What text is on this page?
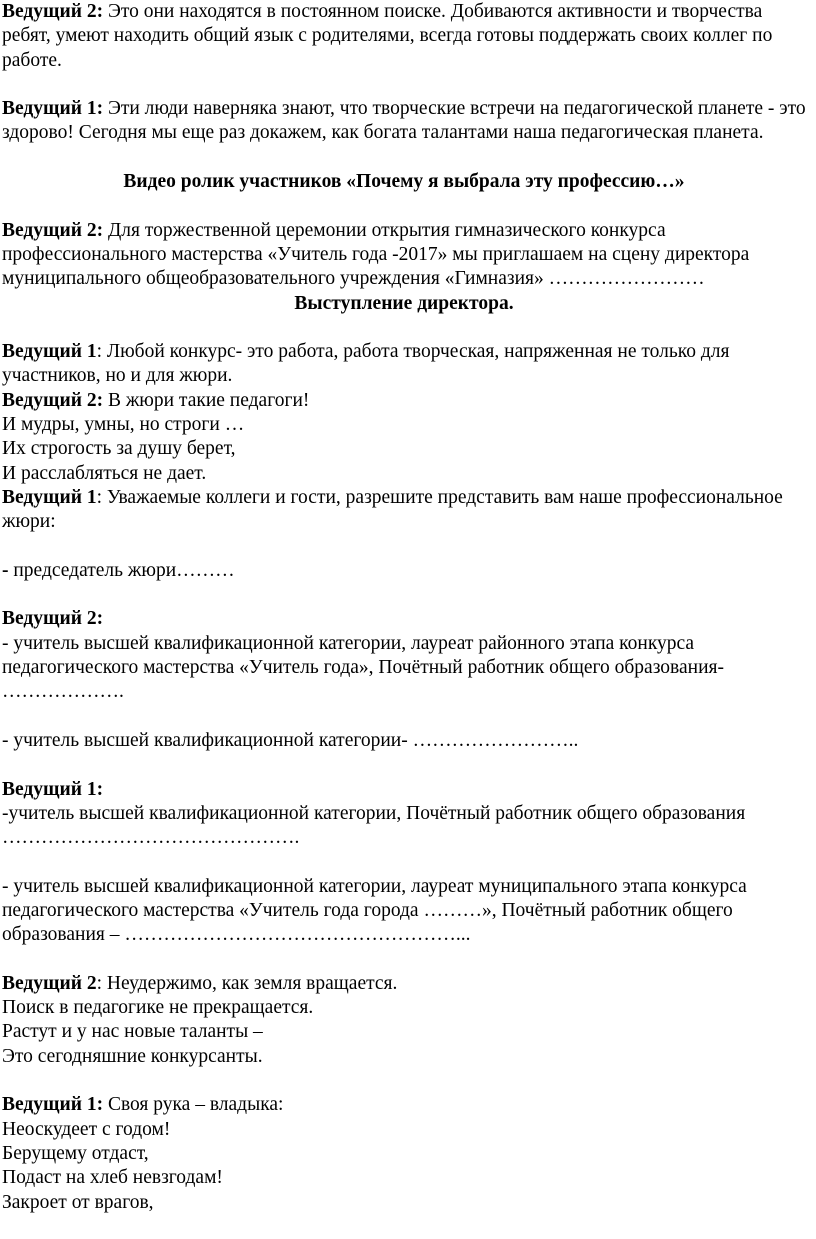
Ведущий 2: Это они находятся в постоянном поиске. Добиваются активности и творчества ребят, умеют находить общий язык с родителями, всегда готовы поддержать своих коллег по работе.

Ведущий 1: Эти люди наверняка знают, что творческие встречи на педагогической планете - это здорово! Сегодня мы еще раз докажем, как богата талантами наша педагогическая планета.

Видео ролик участников «Почему я выбрала эту профессию…»

Ведущий 2: Для торжественной церемонии открытия гимназического конкурса профессионального мастерства «Учитель года -2017» мы приглашаем на сцену директора муниципального общеобразовательного учреждения «Гимназия» ……………………

Выступление директора.

Ведущий 1: Любой конкурс- это работа, работа творческая, напряженная не только для участников, но и для жюри.

Ведущий 2: В жюри такие педагоги!

И мудры, умны, но строги …

Их строгость за душу берет,

И расслабляться не дает.

Ведущий 1: Уважаемые коллеги и гости, разрешите представить вам наше профессиональное жюри:

- председатель жюри………

Ведущий 2:

- учитель высшей квалификационной категории, лауреат районного этапа конкурса педагогического мастерства «Учитель года», Почётный работник общего образования- ……………….

- учитель высшей квалификационной категории- ……………………..

Ведущий 1:

-учитель высшей квалификационной категории, Почётный работник общего образования ……………………………………….

- учитель высшей квалификационной категории, лауреат муниципального этапа конкурса педагогического мастерства «Учитель года города ………», Почётный работник общего образования – ……………………………………………...

Ведущий 2: Неудержимо, как земля вращается.

Поиск в педагогике не прекращается.

Растут и у нас новые таланты –

Это сегодняшние конкурсанты.

Ведущий 1: Своя рука – владыка:

Неоскудеет с годом!

Берущему отдаст,

Подаст на хлеб невзгодам!

Закроет от врагов,
